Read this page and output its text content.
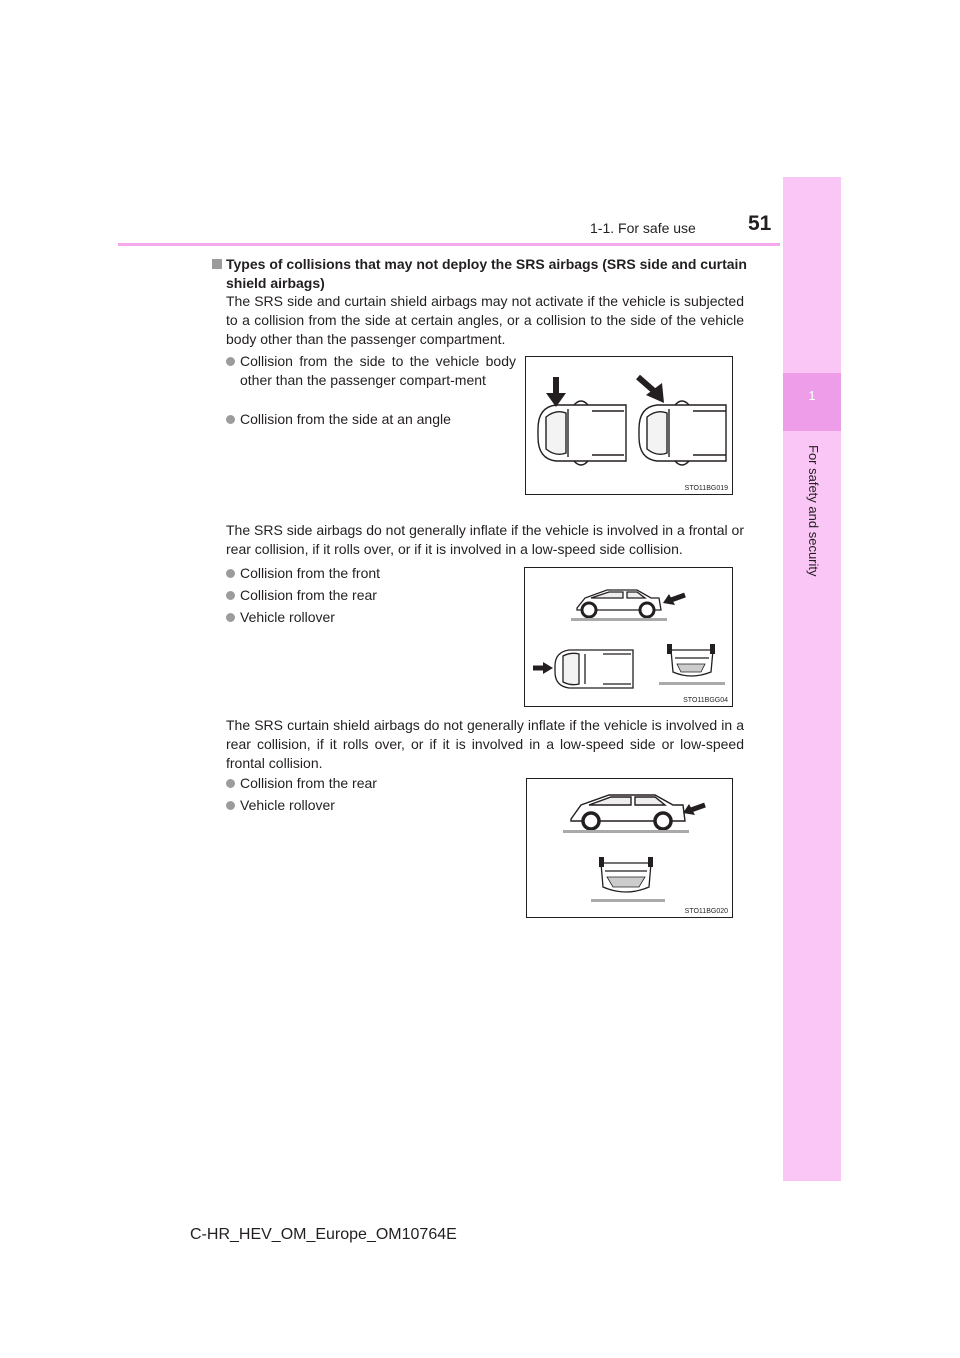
1-1. For safe use 51
1
For safety and security
Types of collisions that may not deploy the SRS airbags (SRS side and curtain shield airbags)
The SRS side and curtain shield airbags may not activate if the vehicle is subjected to a collision from the side at certain angles, or a collision to the side of the vehicle body other than the passenger compartment.
Collision from the side to the vehicle body other than the passenger compart-ment
Collision from the side at an angle
STO11BG019
The SRS side airbags do not generally inflate if the vehicle is involved in a frontal or rear collision, if it rolls over, or if it is involved in a low-speed side collision.
Collision from the front
Collision from the rear
Vehicle rollover
STO11BGG04
The SRS curtain shield airbags do not generally inflate if the vehicle is involved in a rear collision, if it rolls over, or if it is involved in a low-speed side or low-speed frontal collision.
Collision from the rear
Vehicle rollover
STO11BG020
C-HR_HEV_OM_Europe_OM10764E
